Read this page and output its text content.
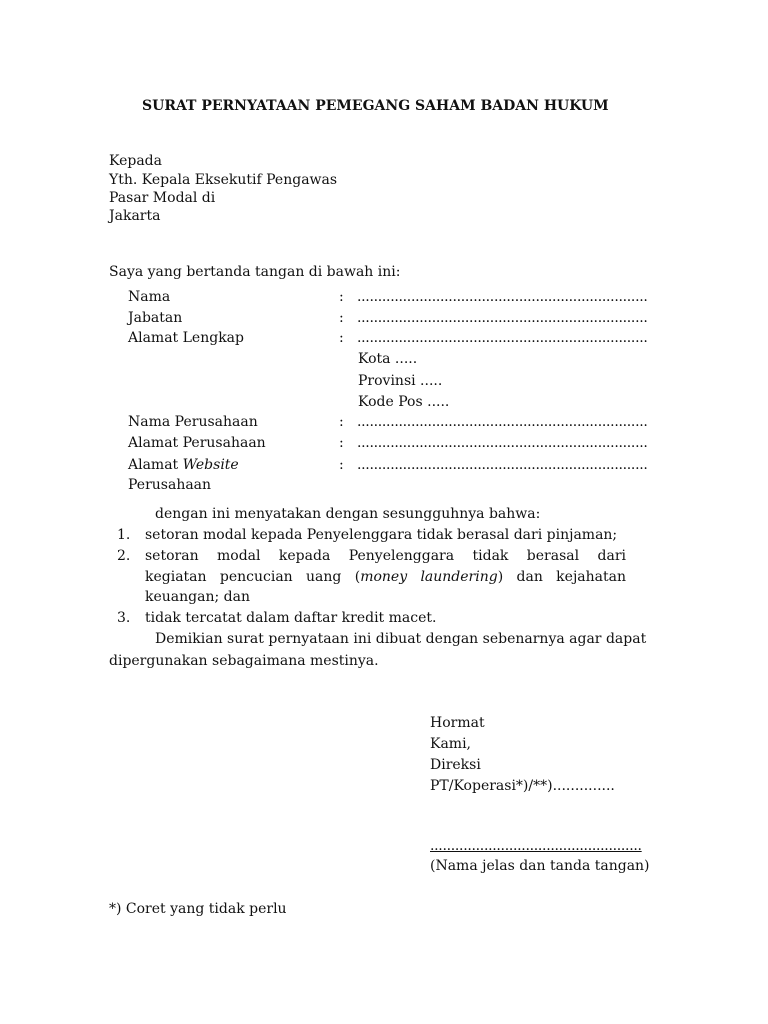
SURAT PERNYATAAN PEMEGANG SAHAM BADAN HUKUM
Kepada
Yth. Kepala Eksekutif Pengawas
Pasar Modal di
Jakarta
Saya yang bertanda tangan di bawah ini:
Nama	: ......................................................................
Jabatan	: ......................................................................
Alamat Lengkap	: ......................................................................
Kota .....
Provinsi .....
Kode Pos .....
Nama Perusahaan	: ......................................................................
Alamat Perusahaan	: ......................................................................
Alamat Website	: ......................................................................
Perusahaan
dengan ini menyatakan dengan sesungguhnya bahwa:
1. setoran modal kepada Penyelenggara tidak berasal dari pinjaman;
2. setoran modal kepada Penyelenggara tidak berasal dari
kegiatan pencucian uang (money laundering) dan kejahatan
keuangan; dan
3. tidak tercatat dalam daftar kredit macet.
Demikian surat pernyataan ini dibuat dengan sebenarnya agar dapat
dipergunakan sebagaimana mestinya.
Hormat
Kami,
Direksi
PT/Koperasi*)/**)..............
...................................................
(Nama jelas dan tanda tangan)
*) Coret yang tidak perlu
